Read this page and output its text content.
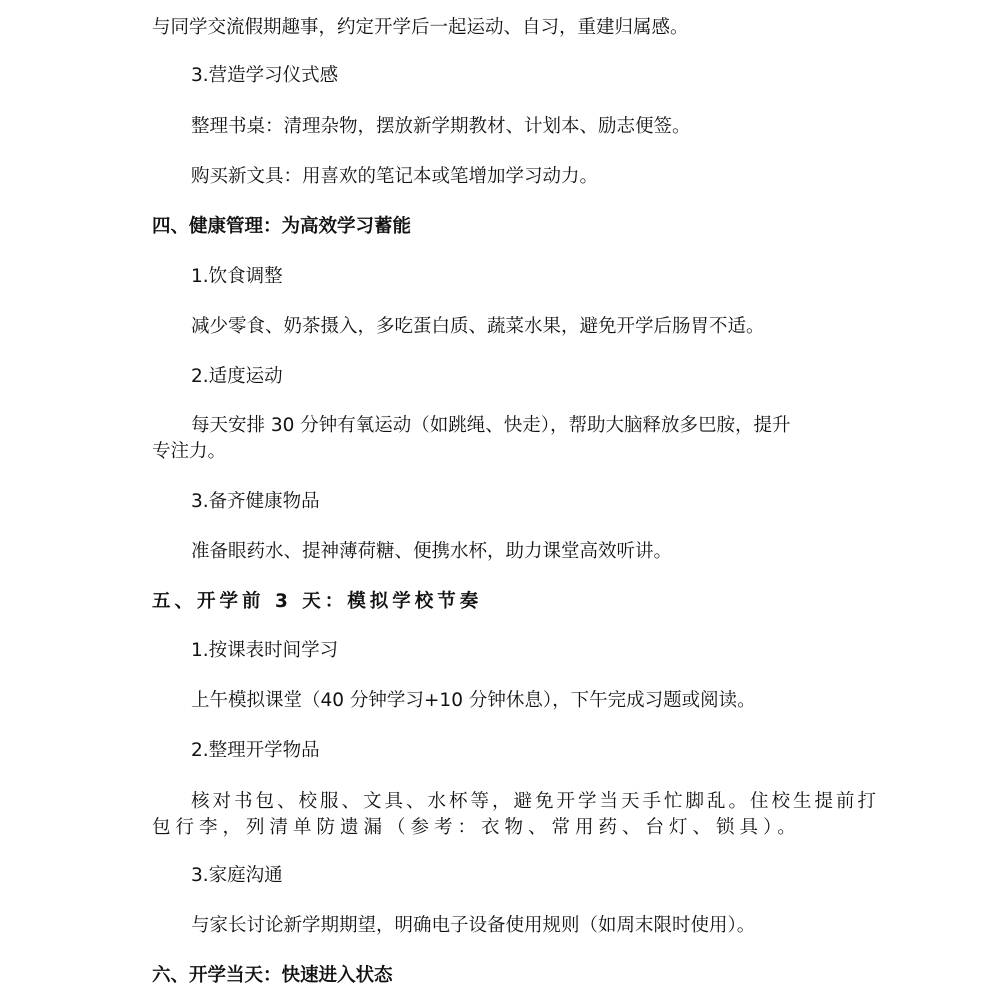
与同学交流假期趣事，约定开学后一起运动、自习，重建归属感。

3.营造学习仪式感

整理书桌：清理杂物，摆放新学期教材、计划本、励志便签。

购买新文具：用喜欢的笔记本或笔增加学习动力。

四、健康管理：为高效学习蓄能

1.饮食调整

减少零食、奶茶摄入，多吃蛋白质、蔬菜水果，避免开学后肠胃不适。

2.适度运动

每天安排 30 分钟有氧运动（如跳绳、快走），帮助大脑释放多巴胺，提升

专注力。

3.备齐健康物品

准备眼药水、提神薄荷糖、便携水杯，助力课堂高效听讲。

五、开学前 3 天：模拟学校节奏

1.按课表时间学习

上午模拟课堂（40 分钟学习+10 分钟休息），下午完成习题或阅读。

2.整理开学物品

核对书包、校服、文具、水杯等，避免开学当天手忙脚乱。住校生提前打

包行李，列清单防遗漏（参考：衣物、常用药、台灯、锁具）。

3.家庭沟通

与家长讨论新学期期望，明确电子设备使用规则（如周末限时使用）。

六、开学当天：快速进入状态
